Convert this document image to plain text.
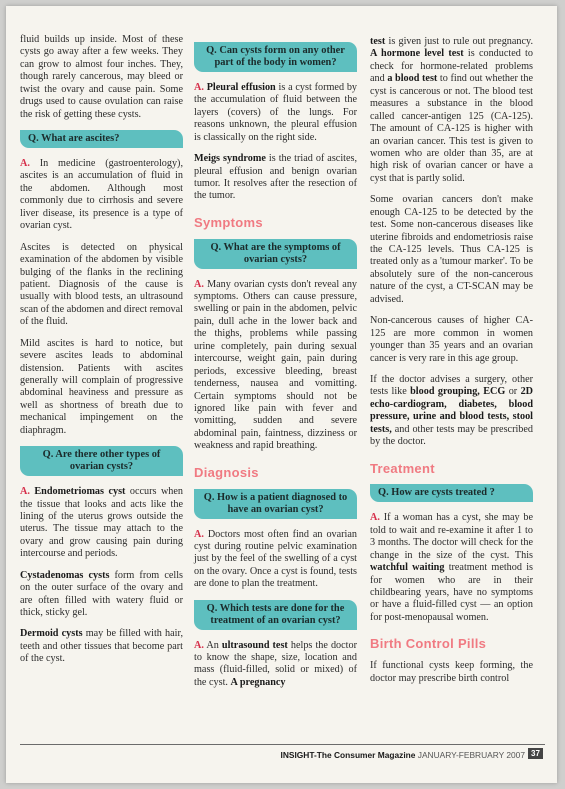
fluid builds up inside. Most of these cysts go away after a few weeks. They can grow to almost four inches. They, though rarely cancerous, may bleed or twist the ovary and cause pain. Some drugs used to cause ovulation can raise the risk of getting these cysts.

Q. What are ascites?

A. In medicine (gastroenterology), ascites is an accumulation of fluid in the abdomen. Although most commonly due to cirrhosis and severe liver disease, its presence is a type of ovarian cyst.

Ascites is detected on physical examination of the abdomen by visible bulging of the flanks in the reclining patient. Diagnosis of the cause is usually with blood tests, an ultrasound scan of the abdomen and direct removal of the fluid.

Mild ascites is hard to notice, but severe ascites leads to abdominal distension. Patients with ascites generally will complain of progressive abdominal heaviness and pressure as well as shortness of breath due to mechanical impingement on the diaphragm.

Q. Are there other types of ovarian cysts?

A. Endometriomas cyst occurs when the tissue that looks and acts like the lining of the uterus grows outside the uterus. The tissue may attach to the ovary and grow causing pain during intercourse and periods.

Cystadenomas cysts form from cells on the outer surface of the ovary and are often filled with watery fluid or thick, sticky gel.

Dermoid cysts may be filled with hair, teeth and other tissues that become part of the cyst.

Q. Can cysts form on any other part of the body in women?

A. Pleural effusion is a cyst formed by the accumulation of fluid between the layers (covers) of the lungs. For reasons unknown, the pleural effusion is classically on the right side.

Meigs syndrome is the triad of ascites, pleural effusion and benign ovarian tumor. It resolves after the resection of the tumor.

Symptoms
Q. What are the symptoms of ovarian cysts?

A. Many ovarian cysts don't reveal any symptoms. Others can cause pressure, swelling or pain in the abdomen, pelvic pain, dull ache in the lower back and the thighs, problems while passing urine completely, pain during sexual intercourse, weight gain, pain during periods, excessive bleeding, breast tenderness, nausea and vomitting. Certain symptoms should not be ignored like pain with fever and vomitting, sudden and severe abdominal pain, faintness, dizziness or weakness and rapid breathing.

Diagnosis
Q. How is a patient diagnosed to have an ovarian cyst?

A. Doctors most often find an ovarian cyst during routine pelvic examination just by the feel of the swelling of a cyst on the ovary. Once a cyst is found, tests are done to plan the treatment.

Q. Which tests are done for the treatment of an ovarian cyst?

A. An ultrasound test helps the doctor to know the shape, size, location and mass (fluid-filled, solid or mixed) of the cyst. A pregnancy

test is given just to rule out pregnancy. A hormone level test is conducted to check for hormone-related problems and a blood test to find out whether the cyst is cancerous or not. The blood test measures a substance in the blood called cancer-antigen 125 (CA-125). The amount of CA-125 is higher with an ovarian cancer. This test is given to women who are older than 35, are at high risk of ovarian cancer or have a cyst that is partly solid.

Some ovarian cancers don't make enough CA-125 to be detected by the test. Some non-cancerous diseases like uterine fibroids and endometriosis raise the CA-125 levels. Thus CA-125 is treated only as a 'tumour marker'. To be absolutely sure of the non-cancerous nature of the cyst, a CT-SCAN may be advised.

Non-cancerous causes of higher CA-125 are more common in women younger than 35 years and an ovarian cancer is very rare in this age group.

If the doctor advises a surgery, other tests like blood grouping, ECG or 2D echo-cardiogram, diabetes, blood pressure, urine and blood tests, stool tests, and other tests may be prescribed by the doctor.

Treatment
Q. How are cysts treated ?

A. If a woman has a cyst, she may be told to wait and re-examine it after 1 to 3 months. The doctor will check for the change in the size of the cyst. This watchful waiting treatment method is for women who are in their childbearing years, have no symptoms or have a fluid-filled cyst — an option for post-menopausal women.

Birth Control Pills

If functional cysts keep forming, the doctor may prescribe birth control

INSIGHT-The Consumer Magazine JANUARY-FEBRUARY 2007 37
